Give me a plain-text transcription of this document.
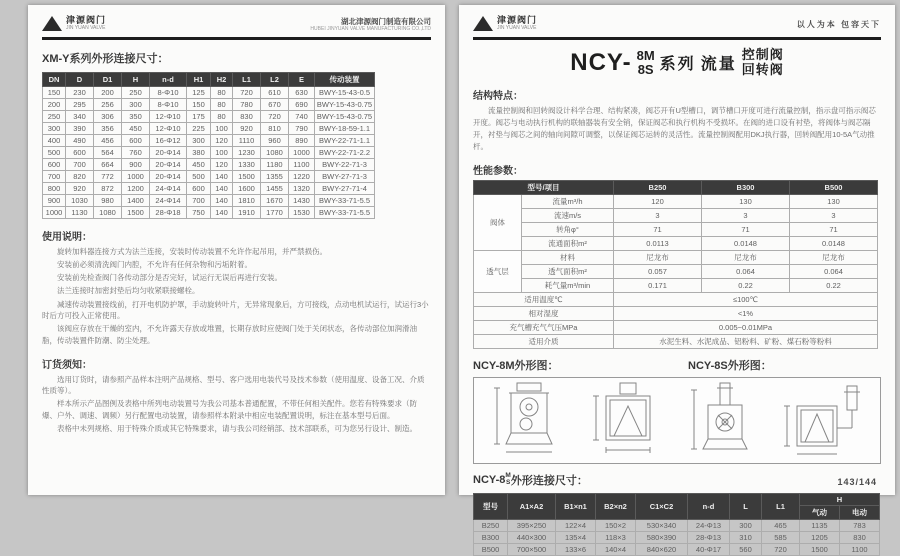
津源阀门
JIN YUAN VALVE
湖北津源阀门制造有限公司
HUBEI JINYUAN VALVE MANUFACTURING CO.,LTD
XM-Y系列外形连接尺寸：
DN	D	D1	H	n-d	H1	H2	L1	L2	E	传动装置
150	230	200	250	8-Φ10	125	80	720	610	630	BWY-15-43-0.5
200	295	256	300	8-Φ10	150	80	780	670	690	BWY-15-43-0.75
250	340	306	350	12-Φ10	175	80	830	720	740	BWY-15-43-0.75
300	390	356	450	12-Φ10	225	100	920	810	790	BWY-18-59-1.1
400	490	456	600	16-Φ12	300	120	1110	960	890	BWY-22-71-1.1
500	600	564	760	20-Φ14	380	100	1230	1080	1000	BWY-22-71-2.2
600	700	664	900	20-Φ14	450	120	1330	1180	1100	BWY-22-71-3
700	820	772	1000	20-Φ14	500	140	1500	1355	1220	BWY-27-71-3
800	920	872	1200	24-Φ14	600	140	1600	1455	1320	BWY-27-71-4
900	1030	980	1400	24-Φ14	700	140	1810	1670	1430	BWY-33-71-5.5
1000	1130	1080	1500	28-Φ18	750	140	1910	1770	1530	BWY-33-71-5.5
使用说明：

旋转加料器连接方式为法兰连接，安装时传动装置不允许作起吊用，并严禁损伤。

安装前必须清洗阀门内腔，不允许有任何杂物和污垢附着。

安装前先检查阀门各传动部分是否完好，试运行无误后再进行安装。

法兰连接时加密封垫后均匀收紧联接螺栓。

减速传动装置接线前，打开电机防护罩，手动旋转叶片，无异常现象后，方可接线，点动电机试运行，试运行3小时后方可投入正常使用。

该阀应存放在干燥的室内，不允许露天存放或堆置，长期存放时应使阀门处于关闭状态，各传动部位加润滑油脂，传动装置件防潮、防尘处理。

订货须知：

选用订货时，请参照产品样本注明产品规格、型号、客户选用电装代号及技术参数（使用温度、设备工况、介质性质等）。

样本所示产品图例及表格中所列电动装置号为我公司基本普通配置，不带任何相关配件。您若有特殊要求（防爆、户外、调速、调频）另行配置电动装置，请参照样本附录中相应电装配置说明，标注在基本型号后面。

表格中未列规格、用于特殊介质或其它特殊要求，请与我公司经销部、技术部联系，可为您另行设计、制造。

津源阀门
JIN YUAN VALVE	以人为本 包容天下
NCY- 8M
8S 系列 流量
控制阀
回转阀
结构特点：

流量控制阀和回转阀设计科学合理、结构紧凑，阀芯开有U型槽口，调节槽口开度可进行流量控制，指示盘可指示阀芯开度。阀芯与电动执行机构的联轴器装有安全销，保证阀芯和执行机构不受损坏。在阀的进口设有衬垫，将阀体与阀芯隔开，衬垫与阀芯之间的轴向间隙可调整，以保证阀芯运转的灵活性。流量控制阀配用DKJ执行器，回转阀配用10-5A气动推杆。

性能参数：
型号/项目		B250	B300	B500
阀体	流量m³/h	120	130	130
	流速m/s	3	3	3
	转角φ°	71	71	71
	流通面积m²	0.0113	0.0148	0.0148
透气层	材料	尼龙布	尼龙布	尼龙布
	透气面积m²	0.057	0.064	0.064
	耗气量m³/min	0.171	0.22	0.22
适用温度℃		≤100℃		
相对湿度		<1%		
充气槽充气气压MPa		0.005~0.01MPa		
适用介质		水泥生料、水泥成品、铝粉料、矿粉、煤石粉等粉料		
NCY-8M外形图：	NCY-8S外形图：
NCY-8 M
S 外形连接尺寸：
型号	A1×A2	B1×n1	B2×n2	C1×C2	n-d	L	L1	H	
								气动	电动
B250	395×250	122×4	150×2	530×340	24-Φ13	300	465	1135	783
B300	440×300	135×4	118×3	580×390	28-Φ13	310	585	1205	830
B500	700×500	133×6	140×4	840×620	40-Φ17	560	720	1500	1100
143/144
